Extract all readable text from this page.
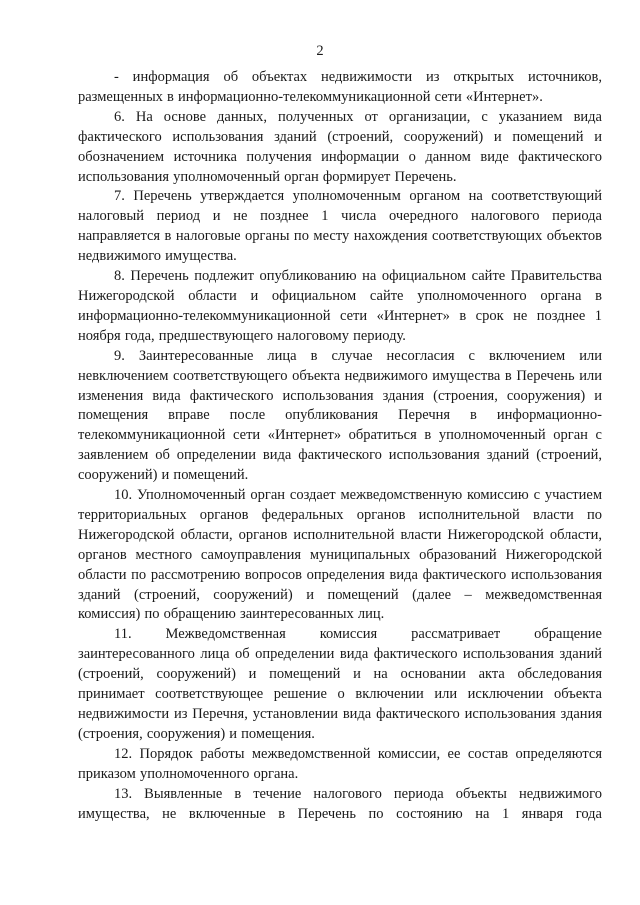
2

- информация об объектах недвижимости из открытых источников, размещенных в информационно-телекоммуникационной сети «Интернет».

6. На основе данных, полученных от организации, с указанием вида фактического использования зданий (строений, сооружений) и помещений и обозначением источника получения информации о данном виде фактического использования уполномоченный орган формирует Перечень.

7. Перечень утверждается уполномоченным органом на соответствующий налоговый период и не позднее 1 числа очередного налогового периода направляется в налоговые органы по месту нахождения соответствующих объектов недвижимого имущества.

8. Перечень подлежит опубликованию на официальном сайте Правительства Нижегородской области и официальном сайте уполномоченного органа в информационно-телекоммуникационной сети «Интернет» в срок не позднее 1 ноября года, предшествующего налоговому периоду.

9. Заинтересованные лица в случае несогласия с включением или невключением соответствующего объекта недвижимого имущества в Перечень или изменения вида фактического использования здания (строения, сооружения) и помещения вправе после опубликования Перечня в информационно-телекоммуникационной сети «Интернет» обратиться в уполномоченный орган с заявлением об определении вида фактического использования зданий (строений, сооружений) и помещений.

10. Уполномоченный орган создает межведомственную комиссию с участием территориальных органов федеральных органов исполнительной власти по Нижегородской области, органов исполнительной власти Нижегородской области, органов местного самоуправления муниципальных образований Нижегородской области по рассмотрению вопросов определения вида фактического использования зданий (строений, сооружений) и помещений (далее – межведомственная комиссия) по обращению заинтересованных лиц.

11. Межведомственная комиссия рассматривает обращение заинтересованного лица об определении вида фактического использования зданий (строений, сооружений) и помещений и на основании акта обследования принимает соответствующее решение о включении или исключении объекта недвижимости из Перечня, установлении вида фактического использования здания (строения, сооружения) и помещения.

12. Порядок работы межведомственной комиссии, ее состав определяются приказом уполномоченного органа.

13. Выявленные в течение налогового периода объекты недвижимого имущества, не включенные в Перечень по состоянию на 1 января года
